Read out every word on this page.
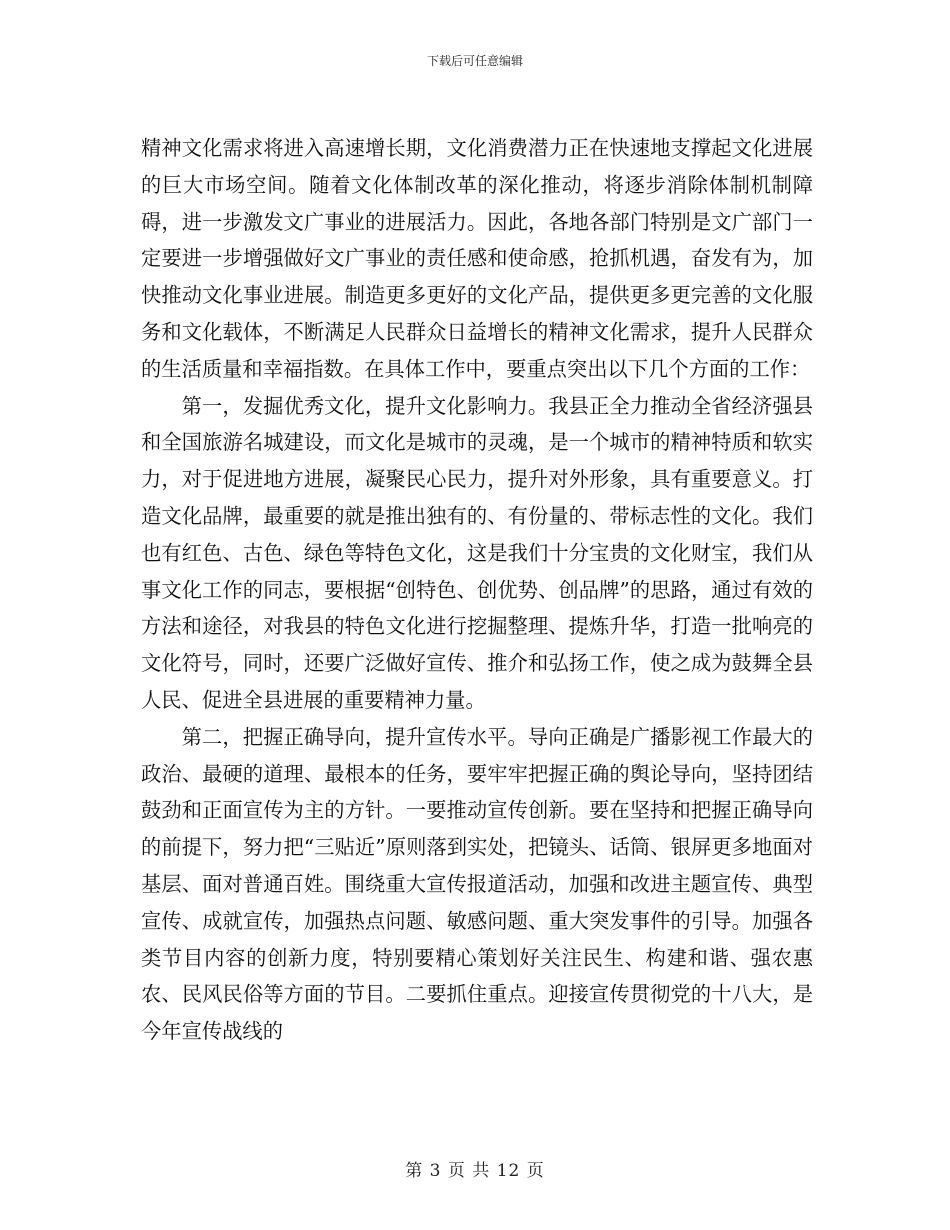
下载后可任意编辑

精神文化需求将进入高速增长期，文化消费潜力正在快速地支撑起文化进展的巨大市场空间。随着文化体制改革的深化推动，将逐步消除体制机制障碍，进一步激发文广事业的进展活力。因此，各地各部门特别是文广部门一定要进一步增强做好文广事业的责任感和使命感，抢抓机遇，奋发有为，加快推动文化事业进展。制造更多更好的文化产品，提供更多更完善的文化服务和文化载体，不断满足人民群众日益增长的精神文化需求，提升人民群众的生活质量和幸福指数。在具体工作中，要重点突出以下几个方面的工作：

第一，发掘优秀文化，提升文化影响力。我县正全力推动全省经济强县和全国旅游名城建设，而文化是城市的灵魂，是一个城市的精神特质和软实力，对于促进地方进展，凝聚民心民力，提升对外形象，具有重要意义。打造文化品牌，最重要的就是推出独有的、有份量的、带标志性的文化。我们也有红色、古色、绿色等特色文化，这是我们十分宝贵的文化财宝，我们从事文化工作的同志，要根据“创特色、创优势、创品牌”的思路，通过有效的方法和途径，对我县的特色文化进行挖掘整理、提炼升华，打造一批响亮的文化符号，同时，还要广泛做好宣传、推介和弘扬工作，使之成为鼓舞全县人民、促进全县进展的重要精神力量。

第二，把握正确导向，提升宣传水平。导向正确是广播影视工作最大的政治、最硬的道理、最根本的任务，要牢牢把握正确的舆论导向，坚持团结鼓劲和正面宣传为主的方针。一要推动宣传创新。要在坚持和把握正确导向的前提下，努力把“三贴近”原则落到实处，把镜头、话筒、银屏更多地面对基层、面对普通百姓。围绕重大宣传报道活动，加强和改进主题宣传、典型宣传、成就宣传，加强热点问题、敏感问题、重大突发事件的引导。加强各类节目内容的创新力度，特别要精心策划好关注民生、构建和谐、强农惠农、民风民俗等方面的节目。二要抓住重点。迎接宣传贯彻党的十八大，是今年宣传战线的

第 3 页 共 12 页
